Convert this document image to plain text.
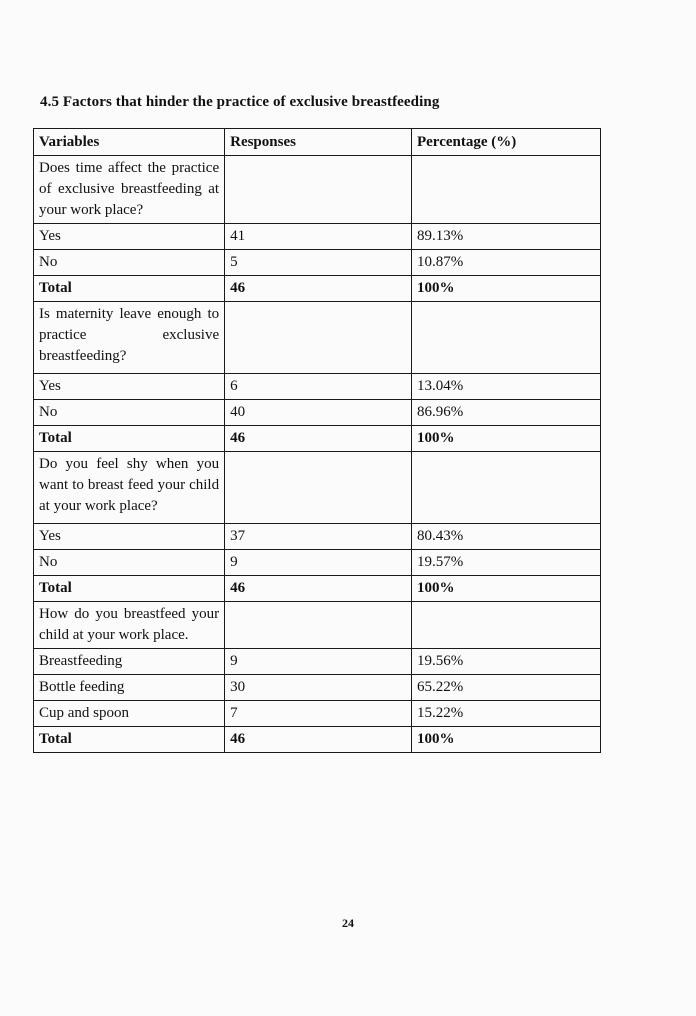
4.5 Factors that hinder the practice of exclusive breastfeeding
Variables	Responses	Percentage (%)
Does time affect the practice of exclusive breastfeeding at your work place?		
Yes	41	89.13%
No	5	10.87%
Total	46	100%
Is maternity leave enough to practice exclusive breastfeeding?		
Yes	6	13.04%
No	40	86.96%
Total	46	100%
Do you feel shy when you want to breast feed your child at your work place?		
Yes	37	80.43%
No	9	19.57%
Total	46	100%
How do you breastfeed your child at your work place.		
Breastfeeding	9	19.56%
Bottle feeding	30	65.22%
Cup and spoon	7	15.22%
Total	46	100%
24
